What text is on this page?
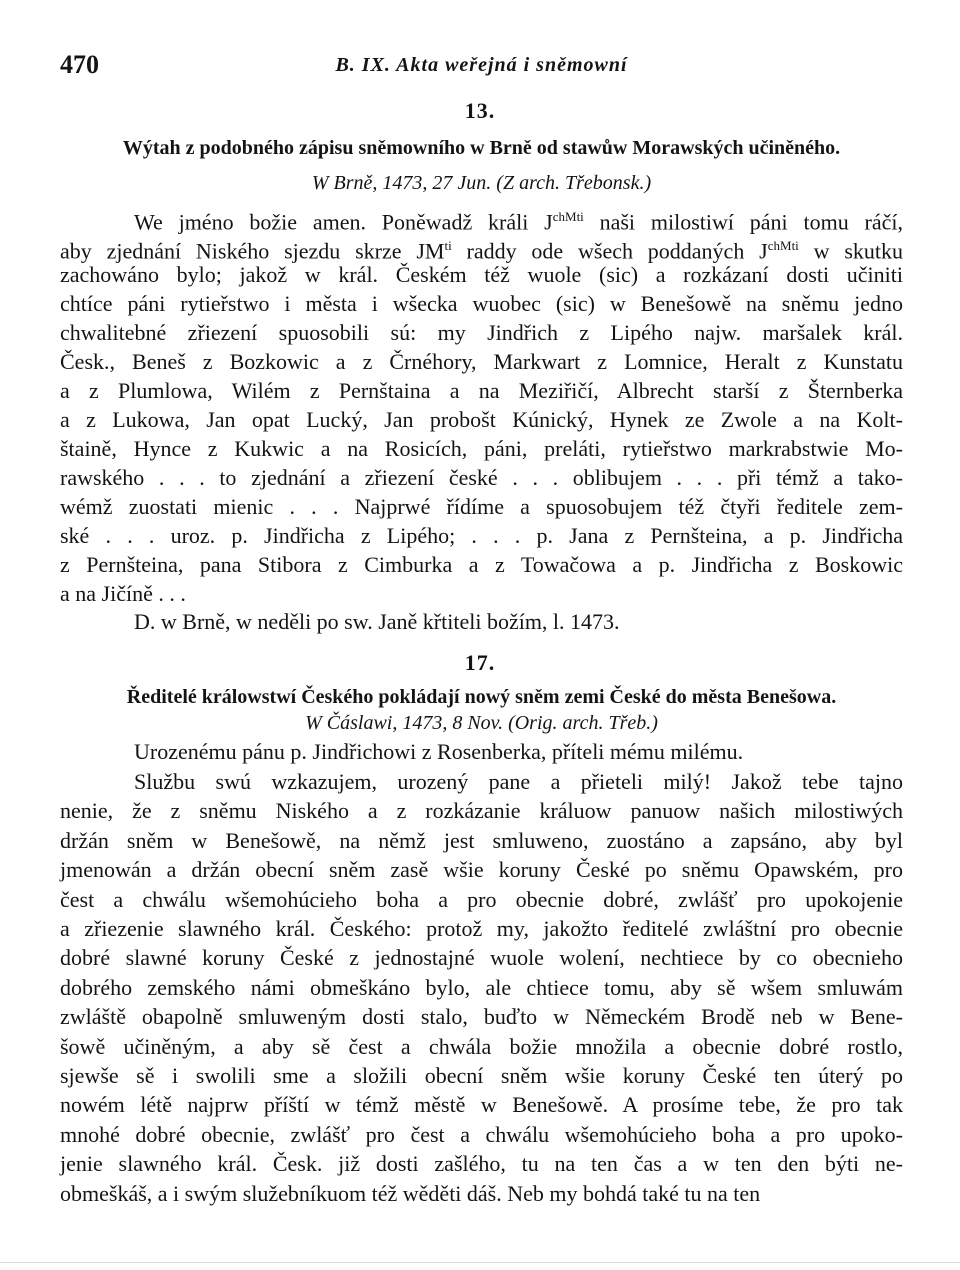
470	B. IX. Akta weřejná i sněmowní
13.
Wýtah z podobného zápisu sněmowního w Brně od stawůw Morawských učiněného.
W Brně, 1473, 27 Jun. (Z arch. Třebonsk.)
We jméno božie amen. Poněwadž králi $J^{chMti}$ naši milostiwí páni tomu ráčí,
aby zjednání Niského sjezdu skrze $JM^{ti}$ raddy ode wšech poddaných $J^{chMti}$ w skutku
zachowáno bylo; jakož w král. Českém též wuole (sic) a rozkázaní dosti učiniti
chtíce páni rytieřstwo i města i wšecka wuobec (sic) w Benešowě na sněmu jedno
chwalitebné zřiezení spuosobili sú: my Jindřich z Lipého najw. maršalek král.
Česk., Beneš z Bozkowic a z Črnéhory, Markwart z Lomnice, Heralt z Kunstatu
a z Plumlowa, Wilém z Pernštaina a na Meziřičí, Albrecht starší z Šternberka
a z Lukowa, Jan opat Lucký, Jan probošt Kúnický, Hynek ze Zwole a na Kolt-
štaině, Hynce z Kukwic a na Rosicích, páni, preláti, rytieřstwo markrabstwie Mo-
rawského . . . to zjednání a zřiezení české . . . oblibujem . . . při témž a tako-
wémž zuostati mienic . . . Najprwé řídíme a spuosobujem též čtyři ředitele zem-
ské . . . uroz. p. Jindřicha z Lipého; . . . p. Jana z Pernšteina, a p. Jindřicha
z Pernšteina, pana Stibora z Cimburka a z Towačowa a p. Jindřicha z Boskowic
a na Jičíně . . .
D. w Brně, w neděli po sw. Janě křtiteli božím, l. 1473.
17.
Ředitelé králowstwí Českého pokládají nowý sněm zemi České do města Benešowa.
W Čáslawi, 1473, 8 Nov. (Orig. arch. Třeb.)
Urozenému pánu p. Jindřichowi z Rosenberka, příteli mému milému.
Službu swú wzkazujem, urozený pane a přieteli milý! Jakož tebe tajno
nenie, že z sněmu Niského a z rozkázanie králuow panuow našich milostiwých
držán sněm w Benešowě, na němž jest smluweno, zuostáno a zapsáno, aby byl
jmenowán a držán obecní sněm zasě wšie koruny České po sněmu Opawském, pro
čest a chwálu wšemohúcieho boha a pro obecnie dobré, zwlášť pro upokojenie
a zřiezenie slawného král. Českého: protož my, jakožto ředitelé zwláštní pro obecnie
dobré slawné koruny České z jednostajné wuole wolení, nechtiece by co obecnieho
dobrého zemského námi obmeškáno bylo, ale chtiece tomu, aby sě wšem smluwám
zwláště obapolně smluweným dosti stalo, buďto w Německém Brodě neb w Bene-
šowě učiněným, a aby sě čest a chwála božie množila a obecnie dobré rostlo,
sjewše sě i swolili sme a složili obecní sněm wšie koruny České ten úterý po
nowém létě najprw příští w témž městě w Benešowě. A prosíme tebe, že pro tak
mnohé dobré obecnie, zwlášť pro čest a chwálu wšemohúcieho boha a pro upoko-
jenie slawného král. Česk. již dosti zašlého, tu na ten čas a w ten den býti ne-
obmeškáš, a i swým služebníkuom též wěděti dáš. Neb my bohdá také tu na ten
